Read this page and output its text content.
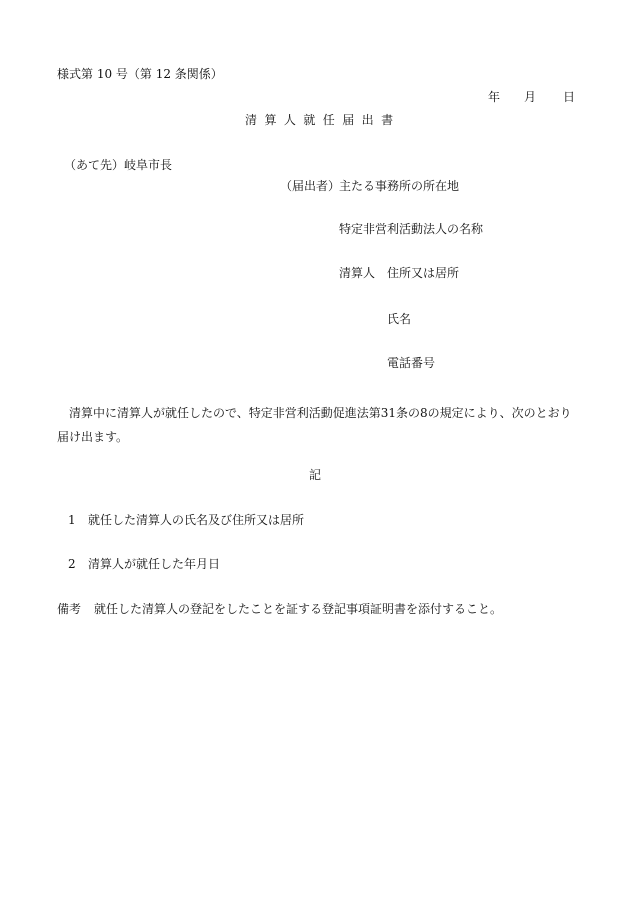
様式第 10 号（第 12 条関係）
年 月 日
清算人就任届出書
（あて先）岐阜市長
（届出者）
主たる事務所の所在地
特定非営利活動法人の名称
清算人 住所又は居所
氏名
電話番号

清算中に清算人が就任したので、特定非営利活動促進法第31条の8の規定により、次のとおり届け出ます。

記
1 就任した清算人の氏名及び住所又は居所
2 清算人が就任した年月日
備考 就任した清算人の登記をしたことを証する登記事項証明書を添付すること。
